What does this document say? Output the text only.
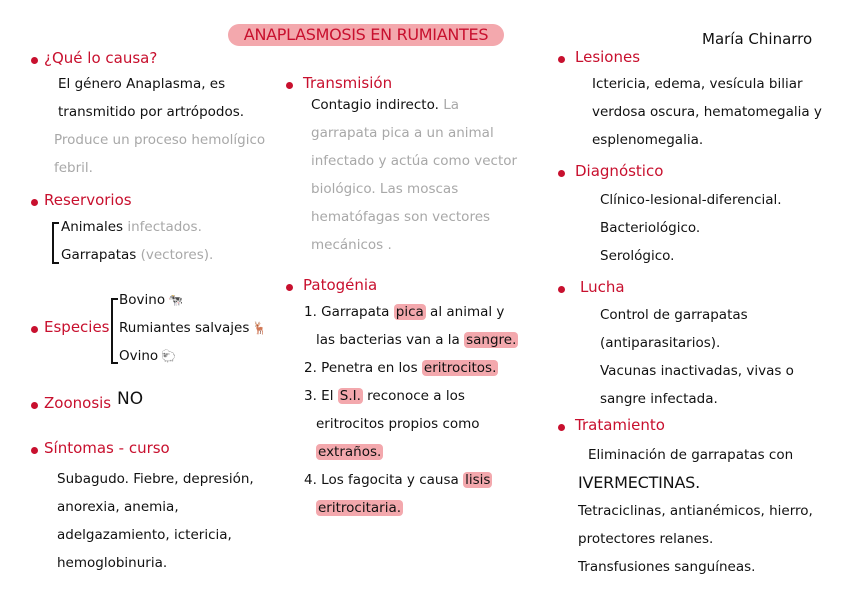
ANAPLASMOSIS EN RUMIANTES	María Chinarro
¿Qué lo causa?
El género Anaplasma, es
transmitido por artrópodos.
Produce un proceso hemolígico
febril.
Reservorios
Animales infectados.
Garrapatas (vectores).
Especies
Bovino 🐄
Rumiantes salvajes 🦌
Ovino 🐑
Zoonosis NO
Síntomas - curso
Subagudo. Fiebre, depresión,
anorexia, anemia,
adelgazamiento, ictericia,
hemoglobinuria.
Transmisión
Contagio indirecto. La
garrapata pica a un animal
infectado y actúa como vector
biológico. Las moscas
hematófagas son vectores
mecánicos .
Patogénia
1. Garrapata pica al animal y
las bacterias van a la sangre.
2. Penetra en los eritrocitos.
3. El S.I. reconoce a los
eritrocitos propios como
extraños.
4. Los fagocita y causa lisis
eritrocitaria.
Lesiones
Ictericia, edema, vesícula biliar
verdosa oscura, hematomegalia y
esplenomegalia.
Diagnóstico
Clínico-lesional-diferencial.
Bacteriológico.
Serológico.
Lucha
Control de garrapatas
(antiparasitarios).
Vacunas inactivadas, vivas o
sangre infectada.
Tratamiento
Eliminación de garrapatas con
IVERMECTINAS.
Tetraciclinas, antianémicos, hierro,
protectores relanes.
Transfusiones sanguíneas.
